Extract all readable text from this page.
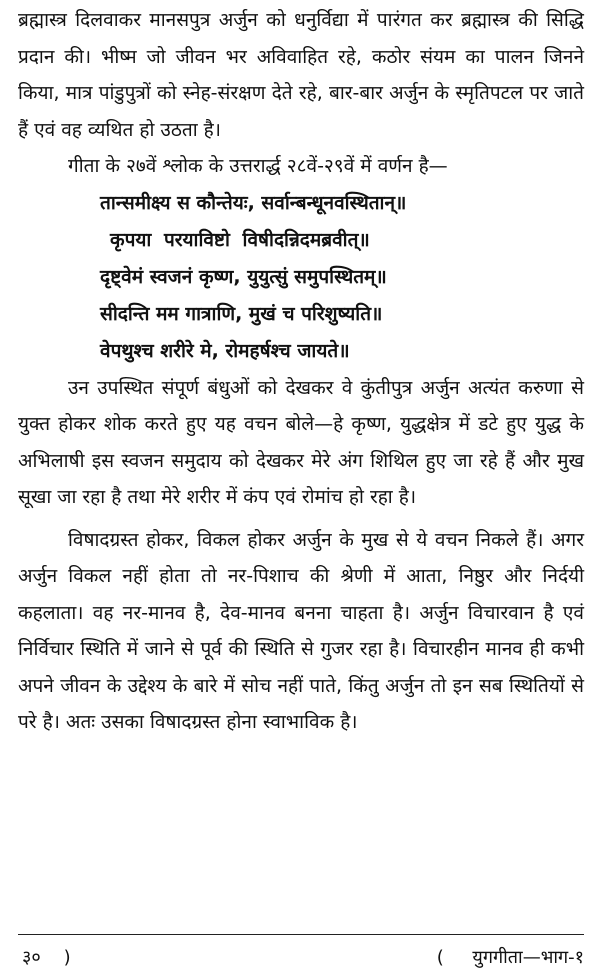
ब्रह्मास्त्र दिलवाकर मानसपुत्र अर्जुन को धनुर्विद्या में पारंगत कर ब्रह्मास्त्र की सिद्धि प्रदान की। भीष्म जो जीवन भर अविवाहित रहे, कठोर संयम का पालन जिनने किया, मात्र पांडुपुत्रों को स्नेह-संरक्षण देते रहे, बार-बार अर्जुन के स्मृतिपटल पर जाते हैं एवं वह व्यथित हो उठता है।

गीता के २७वें श्लोक के उत्तरार्द्ध २८वें-२९वें में वर्णन है—

तान्समीक्ष्य स कौन्तेयः, सर्वान्बन्धूनवस्थितान्॥
कृपया परयाविष्टो विषीदन्निदमब्रवीत्॥
दृष्ट्वेमं स्वजनं कृष्ण, युयुत्सुं समुपस्थितम्॥
सीदन्ति मम गात्राणि, मुखं च परिशुष्यति॥
वेपथुश्च शरीरे मे, रोमहर्षश्च जायते॥

उन उपस्थित संपूर्ण बंधुओं को देखकर वे कुंतीपुत्र अर्जुन अत्यंत करुणा से युक्त होकर शोक करते हुए यह वचन बोले—हे कृष्ण, युद्धक्षेत्र में डटे हुए युद्ध के अभिलाषी इस स्वजन समुदाय को देखकर मेरे अंग शिथिल हुए जा रहे हैं और मुख सूखा जा रहा है तथा मेरे शरीर में कंप एवं रोमांच हो रहा है।

विषादग्रस्त होकर, विकल होकर अर्जुन के मुख से ये वचन निकले हैं। अगर अर्जुन विकल नहीं होता तो नर-पिशाच की श्रेणी में आता, निष्ठुर और निर्दयी कहलाता। वह नर-मानव है, देव-मानव बनना चाहता है। अर्जुन विचारवान है एवं निर्विचार स्थिति में जाने से पूर्व की स्थिति से गुजर रहा है। विचारहीन मानव ही कभी अपने जीवन के उद्देश्य के बारे में सोच नहीं पाते, किंतु अर्जुन तो इन सब स्थितियों से परे है। अतः उसका विषादग्रस्त होना स्वाभाविक है।

३०    )	(     युगगीता—भाग-१
